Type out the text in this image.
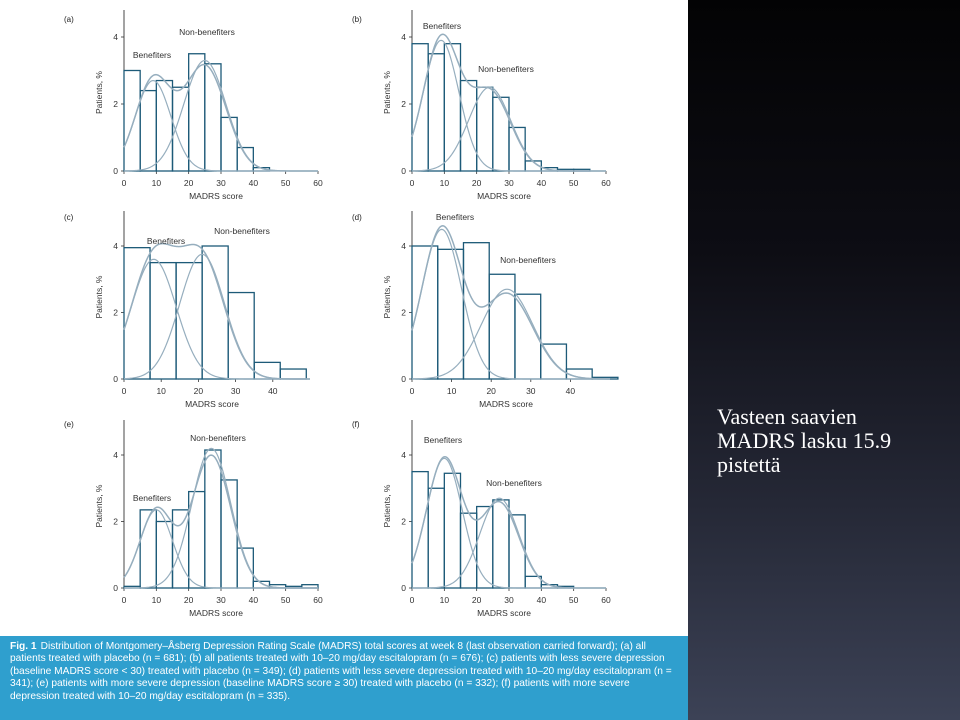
(a)
0	10	20	30	40	50	60
0
2
4
MADRS score
Patients, %
Benefiters
Non-benefiters
(b)
0	10	20	30	40	50	60
0
2
4
MADRS score
Patients, %
Benefiters
Non-benefiters
(c)
0	10	20	30	40
0
2
4
MADRS score
Patients, %
Benefiters
Non-benefiters
(d)
0	10	20	30	40
0
2
4
MADRS score
Patients, %
Benefiters
Non-benefiters
(e)
0	10	20	30	40	50	60
0
2
4
MADRS score
Patients, %	Benefiters
Non-benefiters
(f)
0	10	20	30	40	50	60
0
2
4
MADRS score
Patients, %
Benefiters
Non-benefiters

Fig. 1 Distribution of Montgomery–Åsberg Depression Rating Scale (MADRS) total scores at week 8 (last observation carried forward); (a) all patients treated with placebo (n = 681); (b) all patients treated with 10–20 mg/day escitalopram (n = 676); (c) patients with less severe depression (baseline MADRS score < 30) treated with placebo (n = 349); (d) patients with less severe depression treated with 10–20 mg/day escitalopram (n = 341); (e) patients with more severe depression (baseline MADRS score ≥ 30) treated with placebo (n = 332); (f) patients with more severe depression treated with 10–20 mg/day escitalopram (n = 335).

Vasteen saavien
MADRS lasku 15.9
pistettä
